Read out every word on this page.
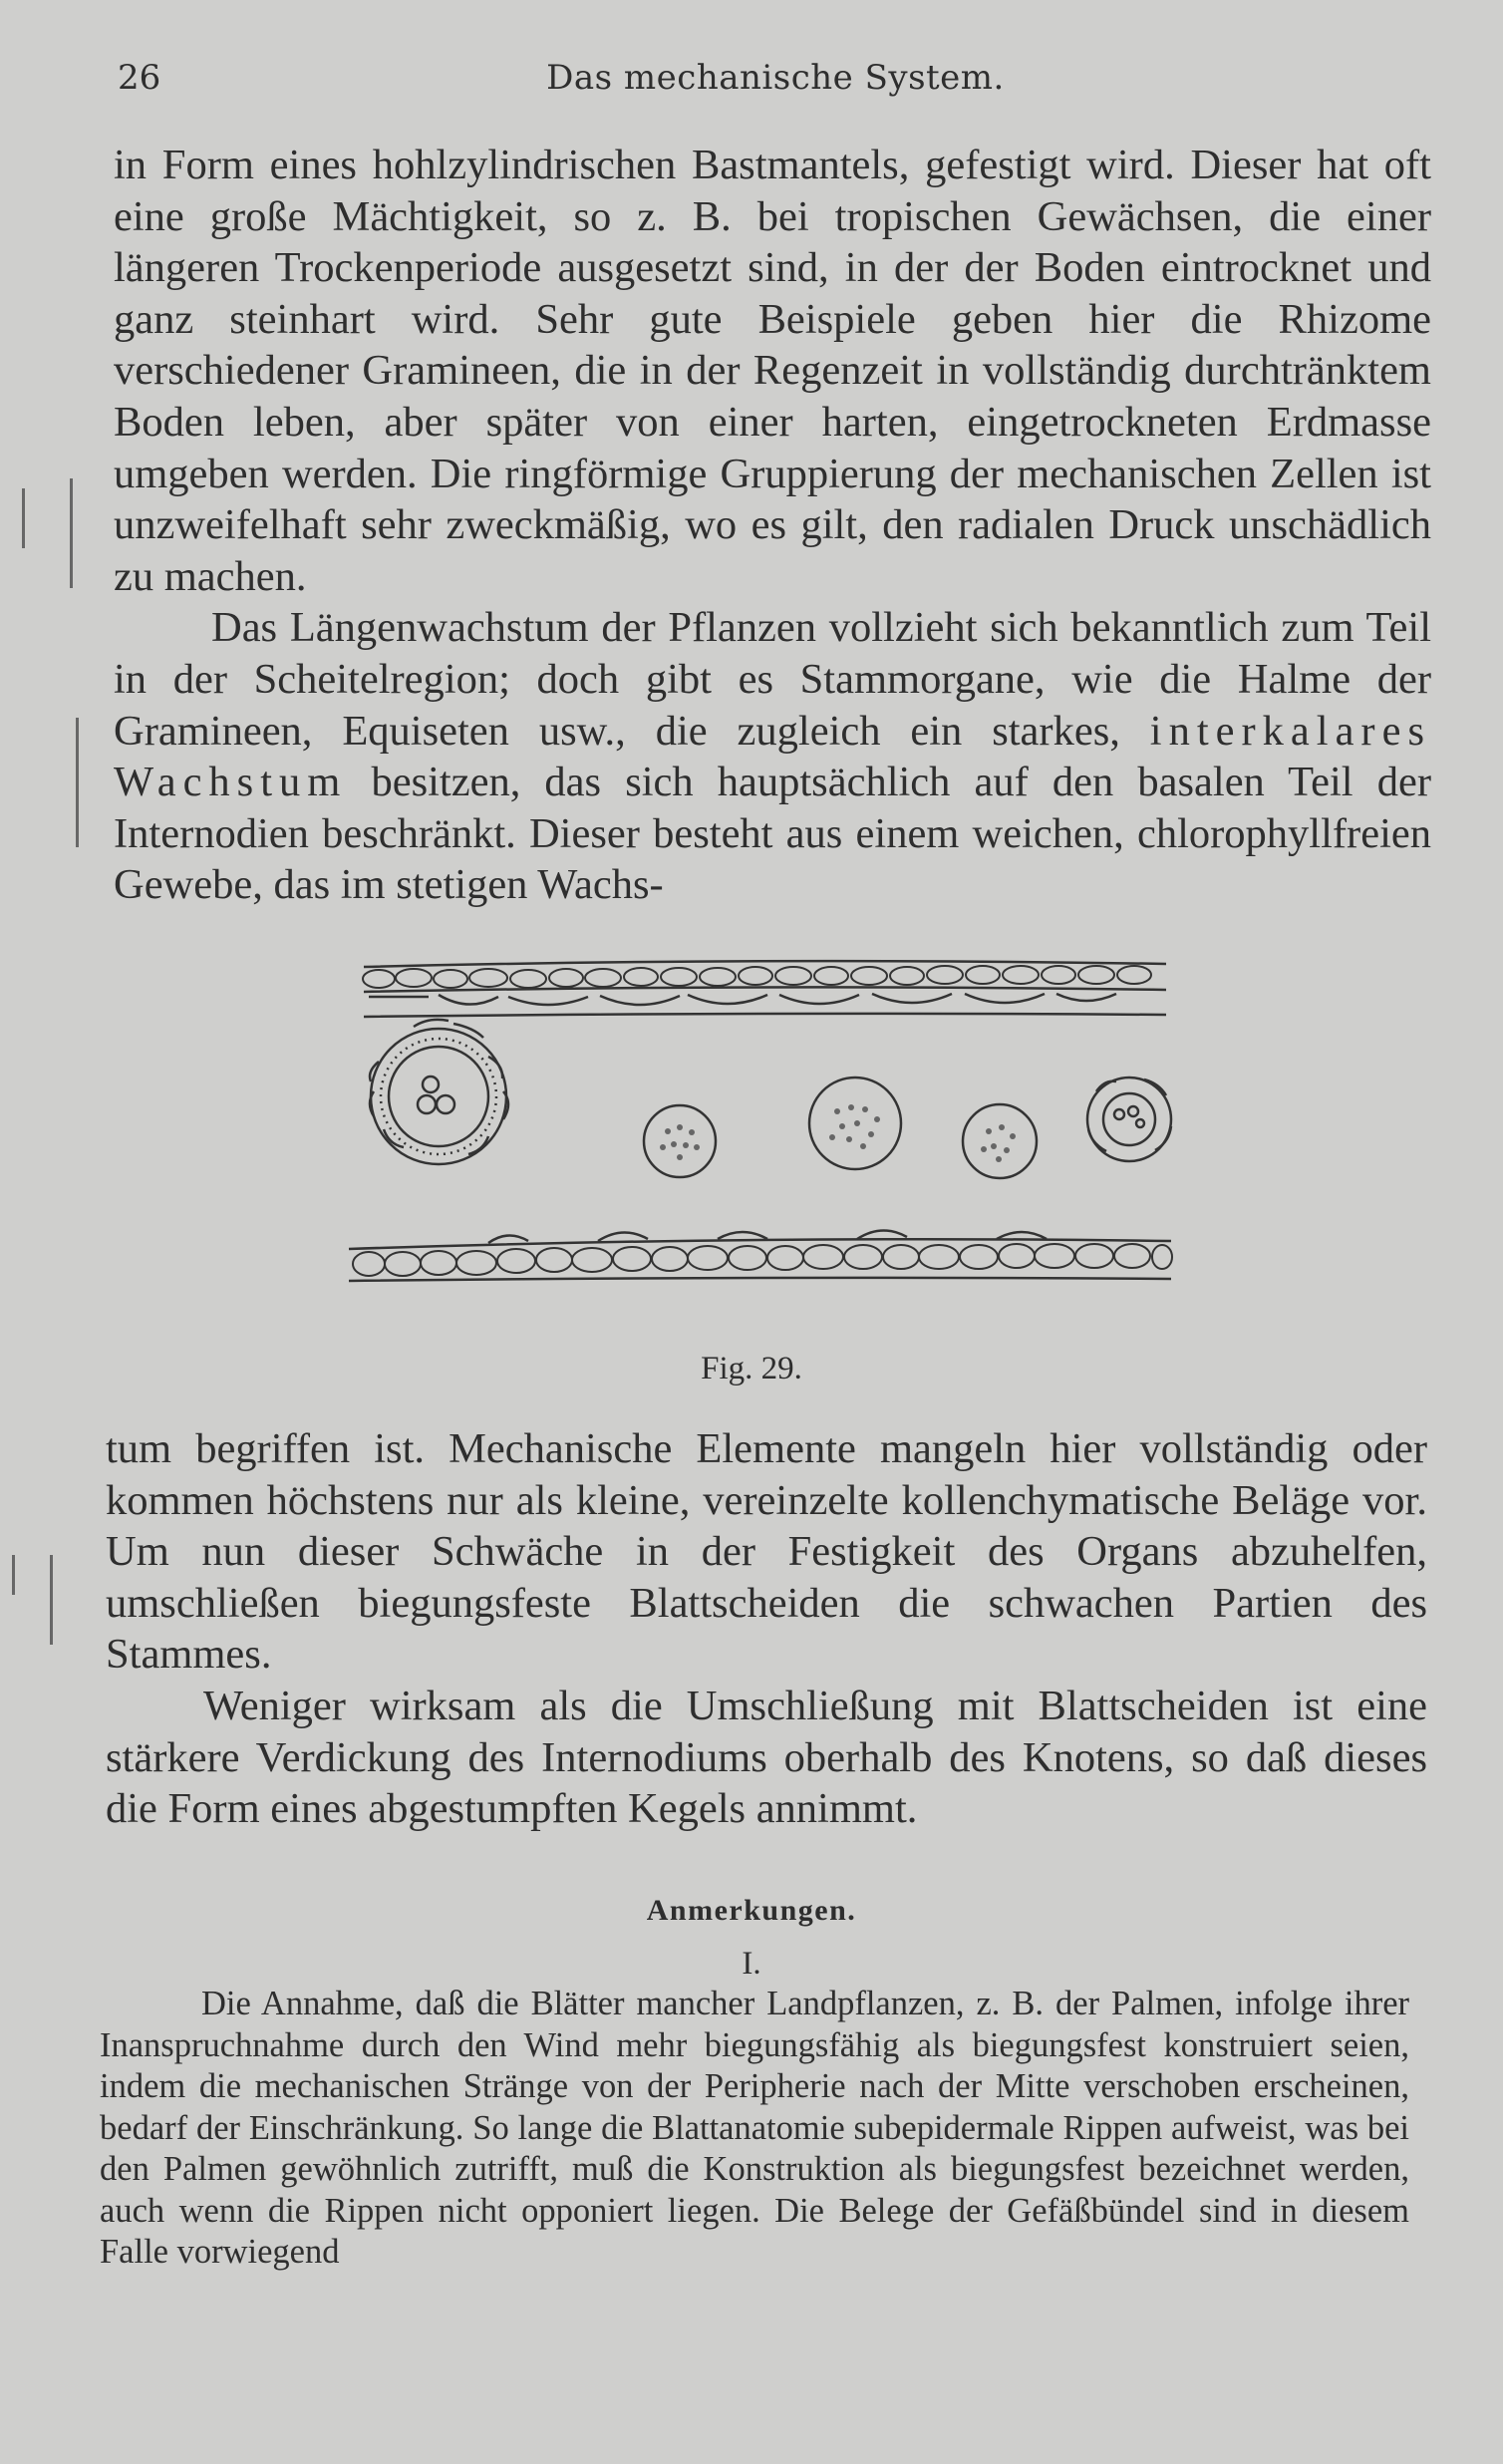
26	Das mechanische System.

in Form eines hohlzylindrischen Bastmantels, gefestigt wird. Dieser hat oft eine große Mächtigkeit, so z. B. bei tropischen Gewächsen, die einer längeren Trockenperiode ausgesetzt sind, in der der Boden eintrocknet und ganz steinhart wird. Sehr gute Beispiele geben hier die Rhizome verschiedener Gramineen, die in der Regenzeit in vollständig durchtränktem Boden leben, aber später von einer harten, eingetrockneten Erdmasse umgeben werden. Die ringförmige Gruppierung der mechanischen Zellen ist unzweifelhaft sehr zweckmäßig, wo es gilt, den radialen Druck unschädlich zu machen.

Das Längenwachstum der Pflanzen vollzieht sich bekanntlich zum Teil in der Scheitelregion; doch gibt es Stammorgane, wie die Halme der Gramineen, Equiseten usw., die zugleich ein starkes, interkalares Wachstum besitzen, das sich hauptsächlich auf den basalen Teil der Internodien beschränkt. Dieser besteht aus einem weichen, chlorophyllfreien Gewebe, das im stetigen Wachs-

Fig. 29.

tum begriffen ist. Mechanische Elemente mangeln hier vollständig oder kommen höchstens nur als kleine, vereinzelte kollenchymatische Beläge vor. Um nun dieser Schwäche in der Festigkeit des Organs abzuhelfen, umschließen biegungsfeste Blattscheiden die schwachen Partien des Stammes.

Weniger wirksam als die Umschließung mit Blattscheiden ist eine stärkere Verdickung des Internodiums oberhalb des Knotens, so daß dieses die Form eines abgestumpften Kegels annimmt.

Anmerkungen.
I.

Die Annahme, daß die Blätter mancher Landpflanzen, z. B. der Palmen, infolge ihrer Inanspruchnahme durch den Wind mehr biegungsfähig als biegungsfest konstruiert seien, indem die mechanischen Stränge von der Peripherie nach der Mitte verschoben erscheinen, bedarf der Einschränkung. So lange die Blattanatomie subepidermale Rippen aufweist, was bei den Palmen gewöhnlich zutrifft, muß die Konstruktion als biegungsfest bezeichnet werden, auch wenn die Rippen nicht opponiert liegen. Die Belege der Gefäßbündel sind in diesem Falle vorwiegend
